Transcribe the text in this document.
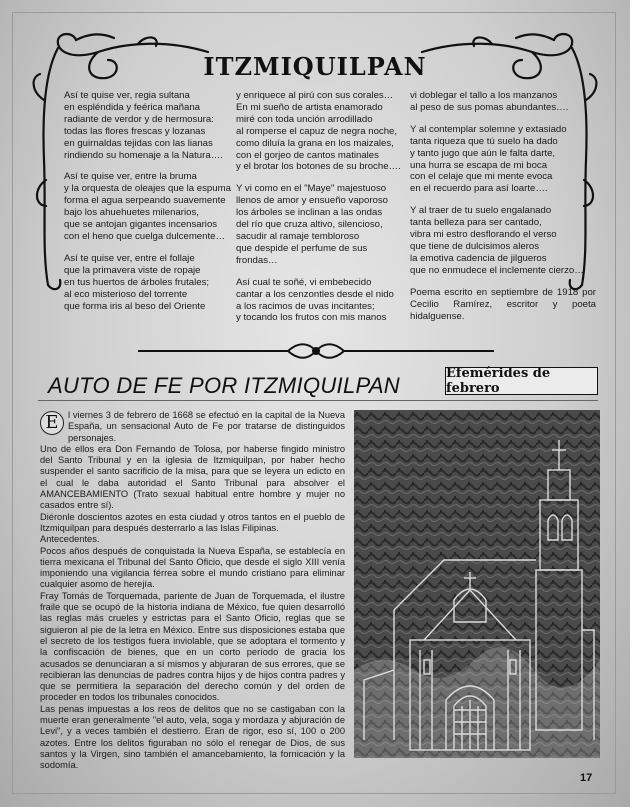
ITZMIQUILPAN

Así te quise ver, regia sultana
en espléndida y feérica mañana
radiante de verdor y de hermosura:
todas las flores frescas y lozanas
en guirnaldas tejidas con las lianas
rindiendo su homenaje a la Natura….

Así te quise ver, entre la bruma
y la orquesta de oleajes que la espuma
forma el agua serpeando suavemente
bajo los ahuehuetes milenarios,
que se antojan gigantes incensarios
con el heno que cuelga dulcemente…

Así te quise ver, entre el follaje
que la primavera viste de ropaje
en tus huertos de árboles frutales;
al eco misterioso del torrente
que forma iris al beso del Oriente

y enriquece al pirú con sus corales…
En mi sueño de artista enamorado
miré con toda unción arrodillado
al romperse el capuz de negra noche,
como diluía la grana en los maizales,
con el gorjeo de cantos matinales
y el brotar los botones de su broche….

Y vi como en el "Maye" majestuoso
llenos de amor y ensueño vaporoso
los árboles se inclinan a las ondas
del río que cruza altivo, silencioso,
sacudir al ramaje tembloroso
que despide el perfume de sus frondas…

Así cual te soñé, vi embebecido
cantar a los cenzontles desde el nido
a los racimos de uvas incitantes;
y tocando los frutos con mis manos

vi doblegar el tallo a los manzanos
al peso de sus pomas abundantes….

Y al contemplar solemne y extasiado
tanta riqueza que tú suelo ha dado
y tanto jugo que aún le falta darte,
una hurra se escapa de mi boca
con el celaje que mi mente evoca
en el recuerdo para así loarte….

Y al traer de tu suelo engalanado
tanta belleza para ser cantado,
vibra mi estro desflorando el verso
que tiene de dulcisimos aleros
la emotiva cadencia de jilgueros
que no enmudece el inclemente cierzo…

Poema escrito en septiembre de 1918 por Cecilio Ramírez, escritor y poeta hidalguense.

AUTO DE FE POR ITZMIQUILPAN	Efemérides de febrero

E	l viernes 3 de febrero de 1668 se efectuó en la capital de la Nueva España, un sensacional Auto de Fe por tratarse de distinguidos personajes.

Uno de ellos era Don Fernando de Tolosa, por haberse fingido ministro del Santo Tribunal y en la iglesia de Itzmiquilpan, por haber hecho suspender el santo sacrificio de la misa, para que se leyera un edicto en el cual le daba autoridad el Santo Tribunal para absolver el AMANCEBAMIENTO (Trato sexual habitual entre hombre y mujer no casados entre sí).

Diéronle doscientos azotes en esta ciudad y otros tantos en el pueblo de Itzmiquilpan para después desterrarlo a las Islas Filipinas.

Antecedentes.

Pocos años después de conquistada la Nueva España, se establecía en tierra mexicana el Tribunal del Santo Oficio, que desde el siglo XIII venía imponiendo una vigilancia férrea sobre el mundo cristiano para eliminar cualquier asomo de herejía.

Fray Tomás de Torquemada, pariente de Juan de Torquemada, el ilustre fraile que se ocupó de la historia indiana de México, fue quien desarrolló las reglas más crueles y estrictas para el Santo Oficio, reglas que se siguieron al pie de la letra en México. Entre sus disposiciones estaba que el secreto de los testigos fuera inviolable, que se adoptara el tormento y la confiscación de bienes, que en un corto período de gracia los acusados se denunciaran a sí mismos y abjuraran de sus errores, que se recibieran las denuncias de padres contra hijos y de hijos contra padres y que se permitiera la separación del derecho común y del orden de proceder en todos los tribunales conocidos.

Las penas impuestas a los reos de delitos que no se castigaban con la muerte eran generalmente "el auto, vela, soga y mordaza y abjuración de Levi", y a veces también el destierro. Eran de rigor, eso sí, 100 o 200 azotes. Entre los delitos figuraban no sólo el renegar de Dios, de sus santos y la Virgen, sino también el amancebamiento, la fornicación y la sodomía.

17
